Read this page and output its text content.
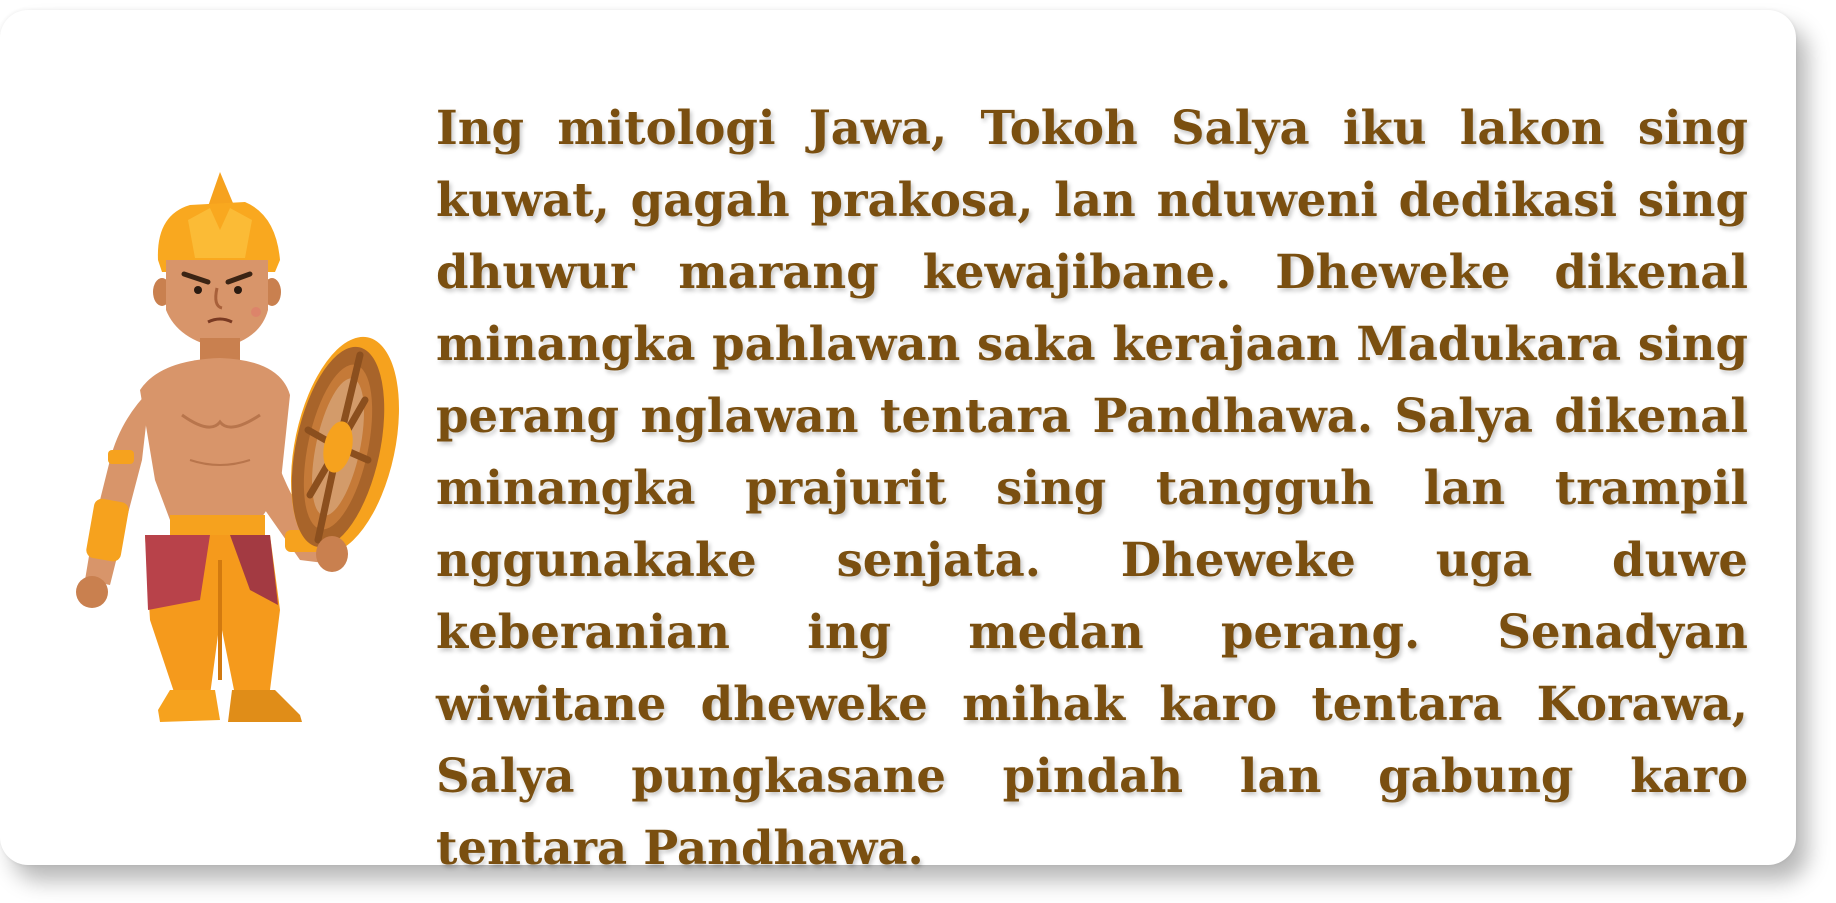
Ing mitologi Jawa, Tokoh Salya iku lakon sing kuwat, gagah prakosa, lan nduweni dedikasi sing dhuwur marang kewajibane. Dheweke dikenal minangka pahlawan saka kerajaan Madukara sing perang nglawan tentara Pandhawa. Salya dikenal minangka prajurit sing tangguh lan trampil nggunakake senjata. Dheweke uga duwe keberanian ing medan perang. Senadyan wiwitane dheweke mihak karo tentara Korawa, Salya pungkasane pindah lan gabung karo tentara Pandhawa.
